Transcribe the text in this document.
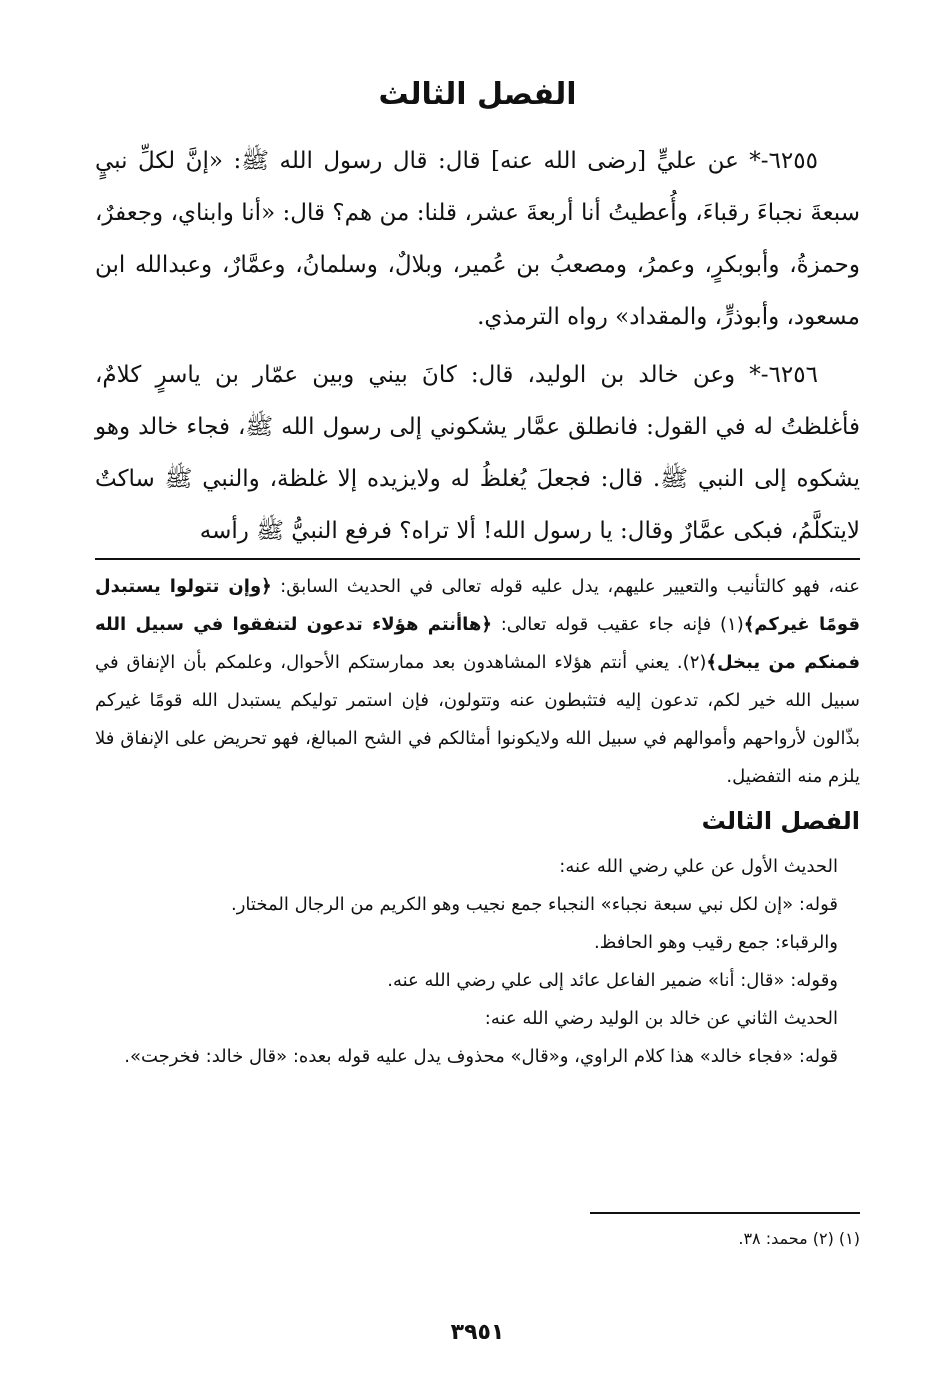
الفصل الثالث

٦٢٥٥-* عن عليٍّ [رضى الله عنه] قال: قال رسول الله ﷺ: «إنَّ لكلِّ نبيٍ سبعةَ نجباءَ رقباءَ، وأُعطيتُ أنا أربعةَ عشر، قلنا: من هم؟ قال: «أنا وابناي، وجعفرٌ، وحمزةُ، وأبوبكرٍ، وعمرُ، ومصعبُ بن عُمير، وبلالٌ، وسلمانُ، وعمَّارٌ، وعبدالله ابن مسعود، وأبوذرٍّ، والمقداد» رواه الترمذي.

٦٢٥٦-* وعن خالد بن الوليد، قال: كانَ بيني وبين عمّار بن ياسرٍ كلامٌ، فأغلظتُ له في القول: فانطلق عمَّار يشكوني إلى رسول الله ﷺ، فجاء خالد وهو يشكوه إلى النبي ﷺ. قال: فجعلَ يُغلظُ له ولايزيده إلا غلظة، والنبي ﷺ ساكتٌ لايتكلَّمُ، فبكى عمَّارٌ وقال: يا رسول الله! ألا تراه؟ فرفع النبيُّ ﷺ رأسه

عنه، فهو كالتأنيب والتعيير عليهم، يدل عليه قوله تعالى في الحديث السابق: ﴿وإن تتولوا يستبدل قومًا غيركم﴾(١) فإنه جاء عقيب قوله تعالى: ﴿هاأنتم هؤلاء تدعون لتنفقوا في سبيل الله فمنكم من يبخل﴾(٢). يعني أنتم هؤلاء المشاهدون بعد ممارستكم الأحوال، وعلمكم بأن الإنفاق في سبيل الله خير لكم، تدعون إليه فتثبطون عنه وتتولون، فإن استمر توليكم يستبدل الله قومًا غيركم بذّالون لأرواحهم وأموالهم في سبيل الله ولايكونوا أمثالكم في الشح المبالغ، فهو تحريض على الإنفاق فلا يلزم منه التفضيل.

الفصل الثالث

الحديث الأول عن علي رضي الله عنه:

قوله: «إن لكل نبي سبعة نجباء» النجباء جمع نجيب وهو الكريم من الرجال المختار.

والرقباء: جمع رقيب وهو الحافظ.

وقوله: «قال: أنا» ضمير الفاعل عائد إلى علي رضي الله عنه.

الحديث الثاني عن خالد بن الوليد رضي الله عنه:

قوله: «فجاء خالد» هذا كلام الراوي، و«قال» محذوف يدل عليه قوله بعده: «قال خالد: فخرجت».

(١) (٢) محمد: ٣٨.
٣٩٥١
